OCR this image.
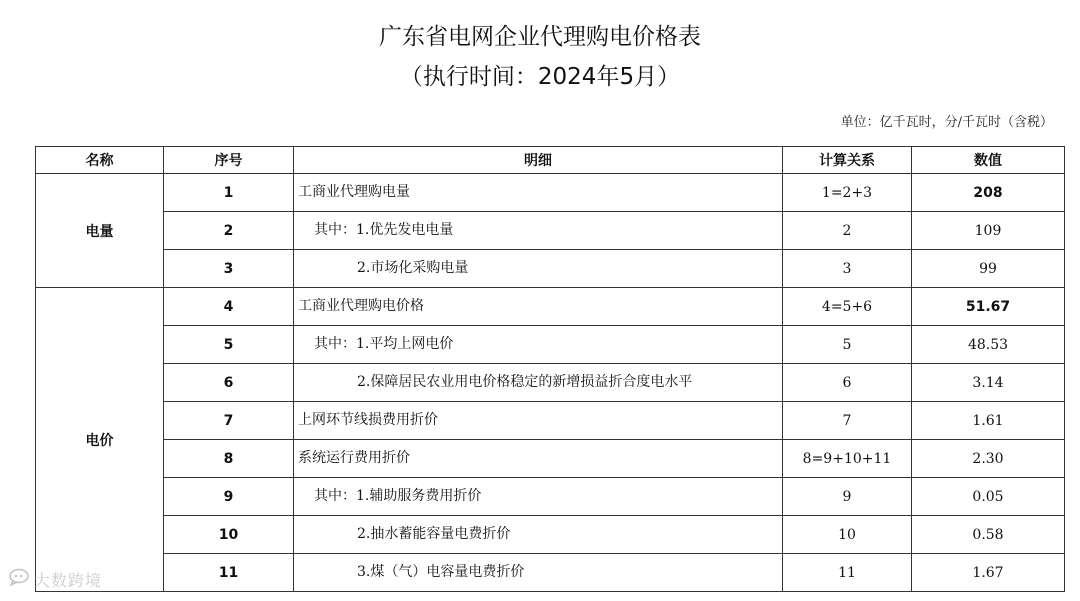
广东省电网企业代理购电价格表
（执行时间：2024年5月）
单位：亿千瓦时，分/千瓦时（含税）
名称	序号	明细	计算关系	数值
电量	1	工商业代理购电量	1=2+3	208
	2	其中：1.优先发电电量	2	109
	3	2.市场化采购电量	3	99
电价	4	工商业代理购电价格	4=5+6	51.67
	5	其中：1.平均上网电价	5	48.53
	6	2.保障居民农业用电价格稳定的新增损益折合度电水平	6	3.14
	7	上网环节线损费用折价	7	1.61
	8	系统运行费用折价	8=9+10+11	2.30
	9	其中：1.辅助服务费用折价	9	0.05
	10	2.抽水蓄能容量电费折价	10	0.58
	11	3.煤（气）电容量电费折价	11	1.67
大数跨境
